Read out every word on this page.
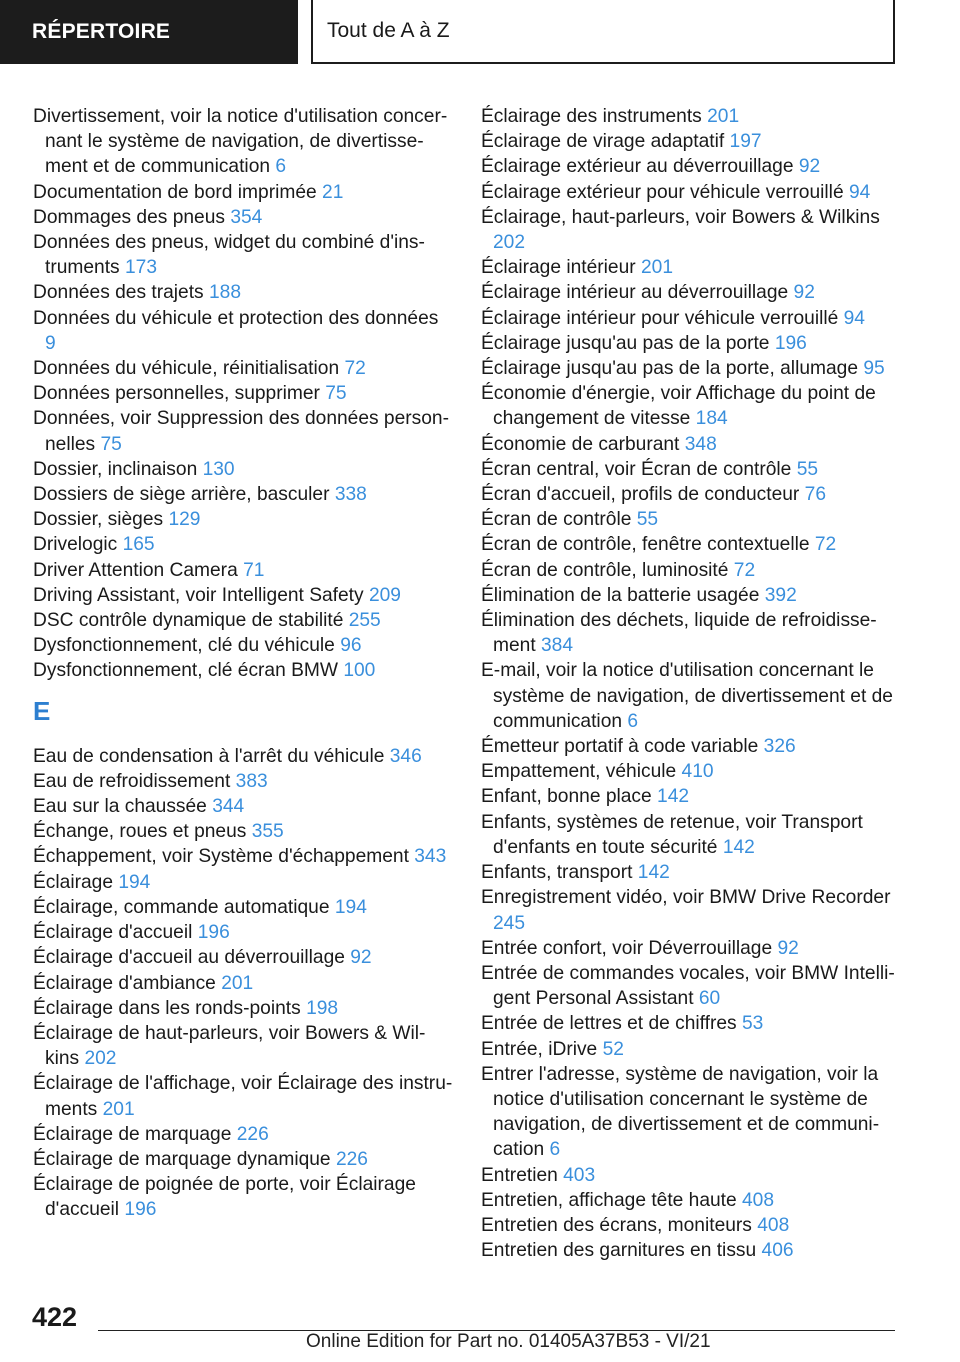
RÉPERTOIRE	Tout de A à Z

Divertissement, voir la notice d'utilisation concernant le système de navigation, de divertissement et de communication 6

Documentation de bord imprimée 21

Dommages des pneus 354

Données des pneus, widget du combiné d'instruments 173

Données des trajets 188

Données du véhicule et protection des données 9

Données du véhicule, réinitialisation 72

Données personnelles, supprimer 75

Données, voir Suppression des données personnelles 75

Dossier, inclinaison 130

Dossiers de siège arrière, basculer 338

Dossier, sièges 129

Drivelogic 165

Driver Attention Camera 71

Driving Assistant, voir Intelligent Safety 209

DSC contrôle dynamique de stabilité 255

Dysfonctionnement, clé du véhicule 96

Dysfonctionnement, clé écran BMW 100

E

Eau de condensation à l'arrêt du véhicule 346

Eau de refroidissement 383

Eau sur la chaussée 344

Échange, roues et pneus 355

Échappement, voir Système d'échappement 343

Éclairage 194

Éclairage, commande automatique 194

Éclairage d'accueil 196

Éclairage d'accueil au déverrouillage 92

Éclairage d'ambiance 201

Éclairage dans les ronds-points 198

Éclairage de haut-parleurs, voir Bowers & Wilkins 202

Éclairage de l'affichage, voir Éclairage des instruments 201

Éclairage de marquage 226

Éclairage de marquage dynamique 226

Éclairage de poignée de porte, voir Éclairage d'accueil 196

Éclairage des instruments 201

Éclairage de virage adaptatif 197

Éclairage extérieur au déverrouillage 92

Éclairage extérieur pour véhicule verrouillé 94

Éclairage, haut-parleurs, voir Bowers & Wilkins 202

Éclairage intérieur 201

Éclairage intérieur au déverrouillage 92

Éclairage intérieur pour véhicule verrouillé 94

Éclairage jusqu'au pas de la porte 196

Éclairage jusqu'au pas de la porte, allumage 95

Économie d'énergie, voir Affichage du point de changement de vitesse 184

Économie de carburant 348

Écran central, voir Écran de contrôle 55

Écran d'accueil, profils de conducteur 76

Écran de contrôle 55

Écran de contrôle, fenêtre contextuelle 72

Écran de contrôle, luminosité 72

Élimination de la batterie usagée 392

Élimination des déchets, liquide de refroidissement 384

E-mail, voir la notice d'utilisation concernant le système de navigation, de divertissement et de communication 6

Émetteur portatif à code variable 326

Empattement, véhicule 410

Enfant, bonne place 142

Enfants, systèmes de retenue, voir Transport d'enfants en toute sécurité 142

Enfants, transport 142

Enregistrement vidéo, voir BMW Drive Recorder 245

Entrée confort, voir Déverrouillage 92

Entrée de commandes vocales, voir BMW Intelligent Personal Assistant 60

Entrée de lettres et de chiffres 53

Entrée, iDrive 52

Entrer l'adresse, système de navigation, voir la notice d'utilisation concernant le système de navigation, de divertissement et de communication 6

Entretien 403

Entretien, affichage tête haute 408

Entretien des écrans, moniteurs 408

Entretien des garnitures en tissu 406

422
Online Edition for Part no. 01405A37B53 - VI/21
